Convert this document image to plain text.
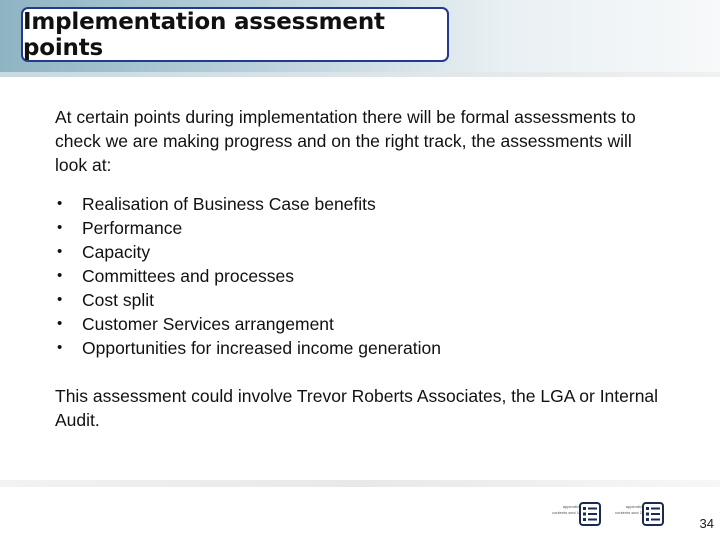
Implementation assessment points

At certain points during implementation there will be formal assessments to check we are making progress and on the right track, the assessments will look at:

• Realisation of Business Case benefits
• Performance
• Capacity
• Committees and processes
• Cost split
• Customer Services arrangement
• Opportunities for increased income generation

This assessment could involve Trevor Roberts Associates, the LGA or Internal Audit.

appendix contents sect 1
appendix contents sect 2
34
